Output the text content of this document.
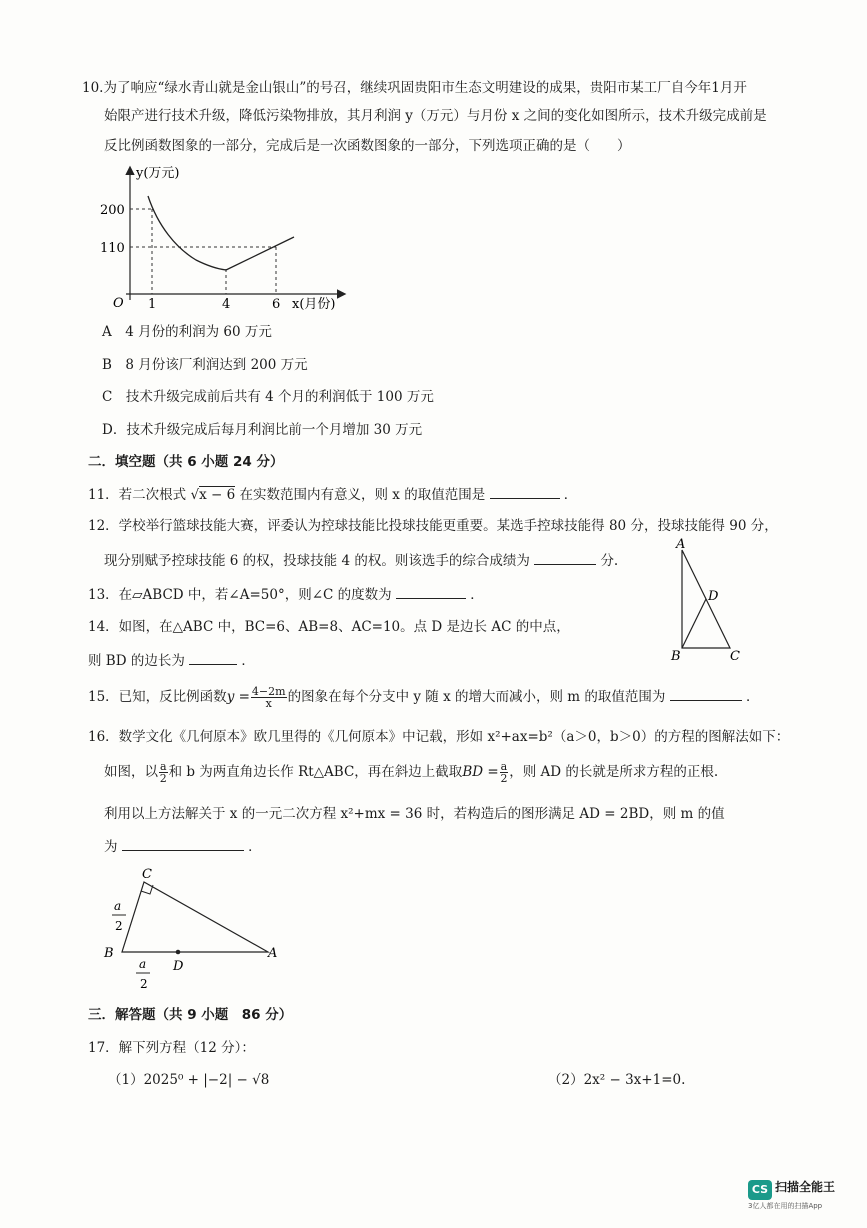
10.为了响应“绿水青山就是金山银山”的号召，继续巩固贵阳市生态文明建设的成果，贵阳市某工厂自今年1月开
始限产进行技术升级，降低污染物排放，其月利润 y（万元）与月份 x 之间的变化如图所示，技术升级完成前是
反比例函数图象的一部分，完成后是一次函数图象的一部分，下列选项正确的是（　　）
y(万元)
200
110
O 1	4	6 x(月份)
A　4 月份的利润为 60 万元
B　8 月份该厂利润达到 200 万元
C　技术升级完成前后共有 4 个月的利润低于 100 万元
D．技术升级完成后每月利润比前一个月增加 30 万元
二．填空题（共 6 小题 24 分）
11．若二次根式 √x − 6 在实数范围内有意义，则 x 的取值范围是	．
12．学校举行篮球技能大赛，评委认为控球技能比投球技能更重要。某选手控球技能得 80 分，投球技能得 90 分，
现分别赋予控球技能 6 的权，投球技能 4 的权。则该选手的综合成绩为	分.
13．在▱ABCD 中，若∠A=50°，则∠C 的度数为	．
14．如图，在△ABC 中，BC=6、AB=8、AC=10。点 D 是边长 AC 的中点，
则 BD 的边长为	．
A
D
B	C
15．已知，反比例函数$y = \frac{4-2m}{x}$ 的图象在每个分支中 y 随 x 的增大而减小，则 m 的取值范围为	．
16．数学文化《几何原本》欧几里得的《几何原本》中记载，形如 x²+ax=b²（a＞0，b＞0）的方程的图解法如下：
如图，以 $\frac{a}{2}$ 和 b 为两直角边长作 Rt△ABC，再在斜边上截取BD = $\frac{a}{2}$ ，则 AD 的长就是所求方程的正根.
利用以上方法解关于 x 的一元二次方程 x²+mx = 36 时，若构造后的图形满足 AD = 2BD，则 m 的值
为	．
C
B	A
D
a
2
a
2
三．解答题（共 9 小题　86 分）
17．解下列方程（12 分）：
（1）2025⁰ + |−2| − √8	（2）2x² − 3x+1=0.
CS 扫描全能王
3亿人都在用的扫描App
